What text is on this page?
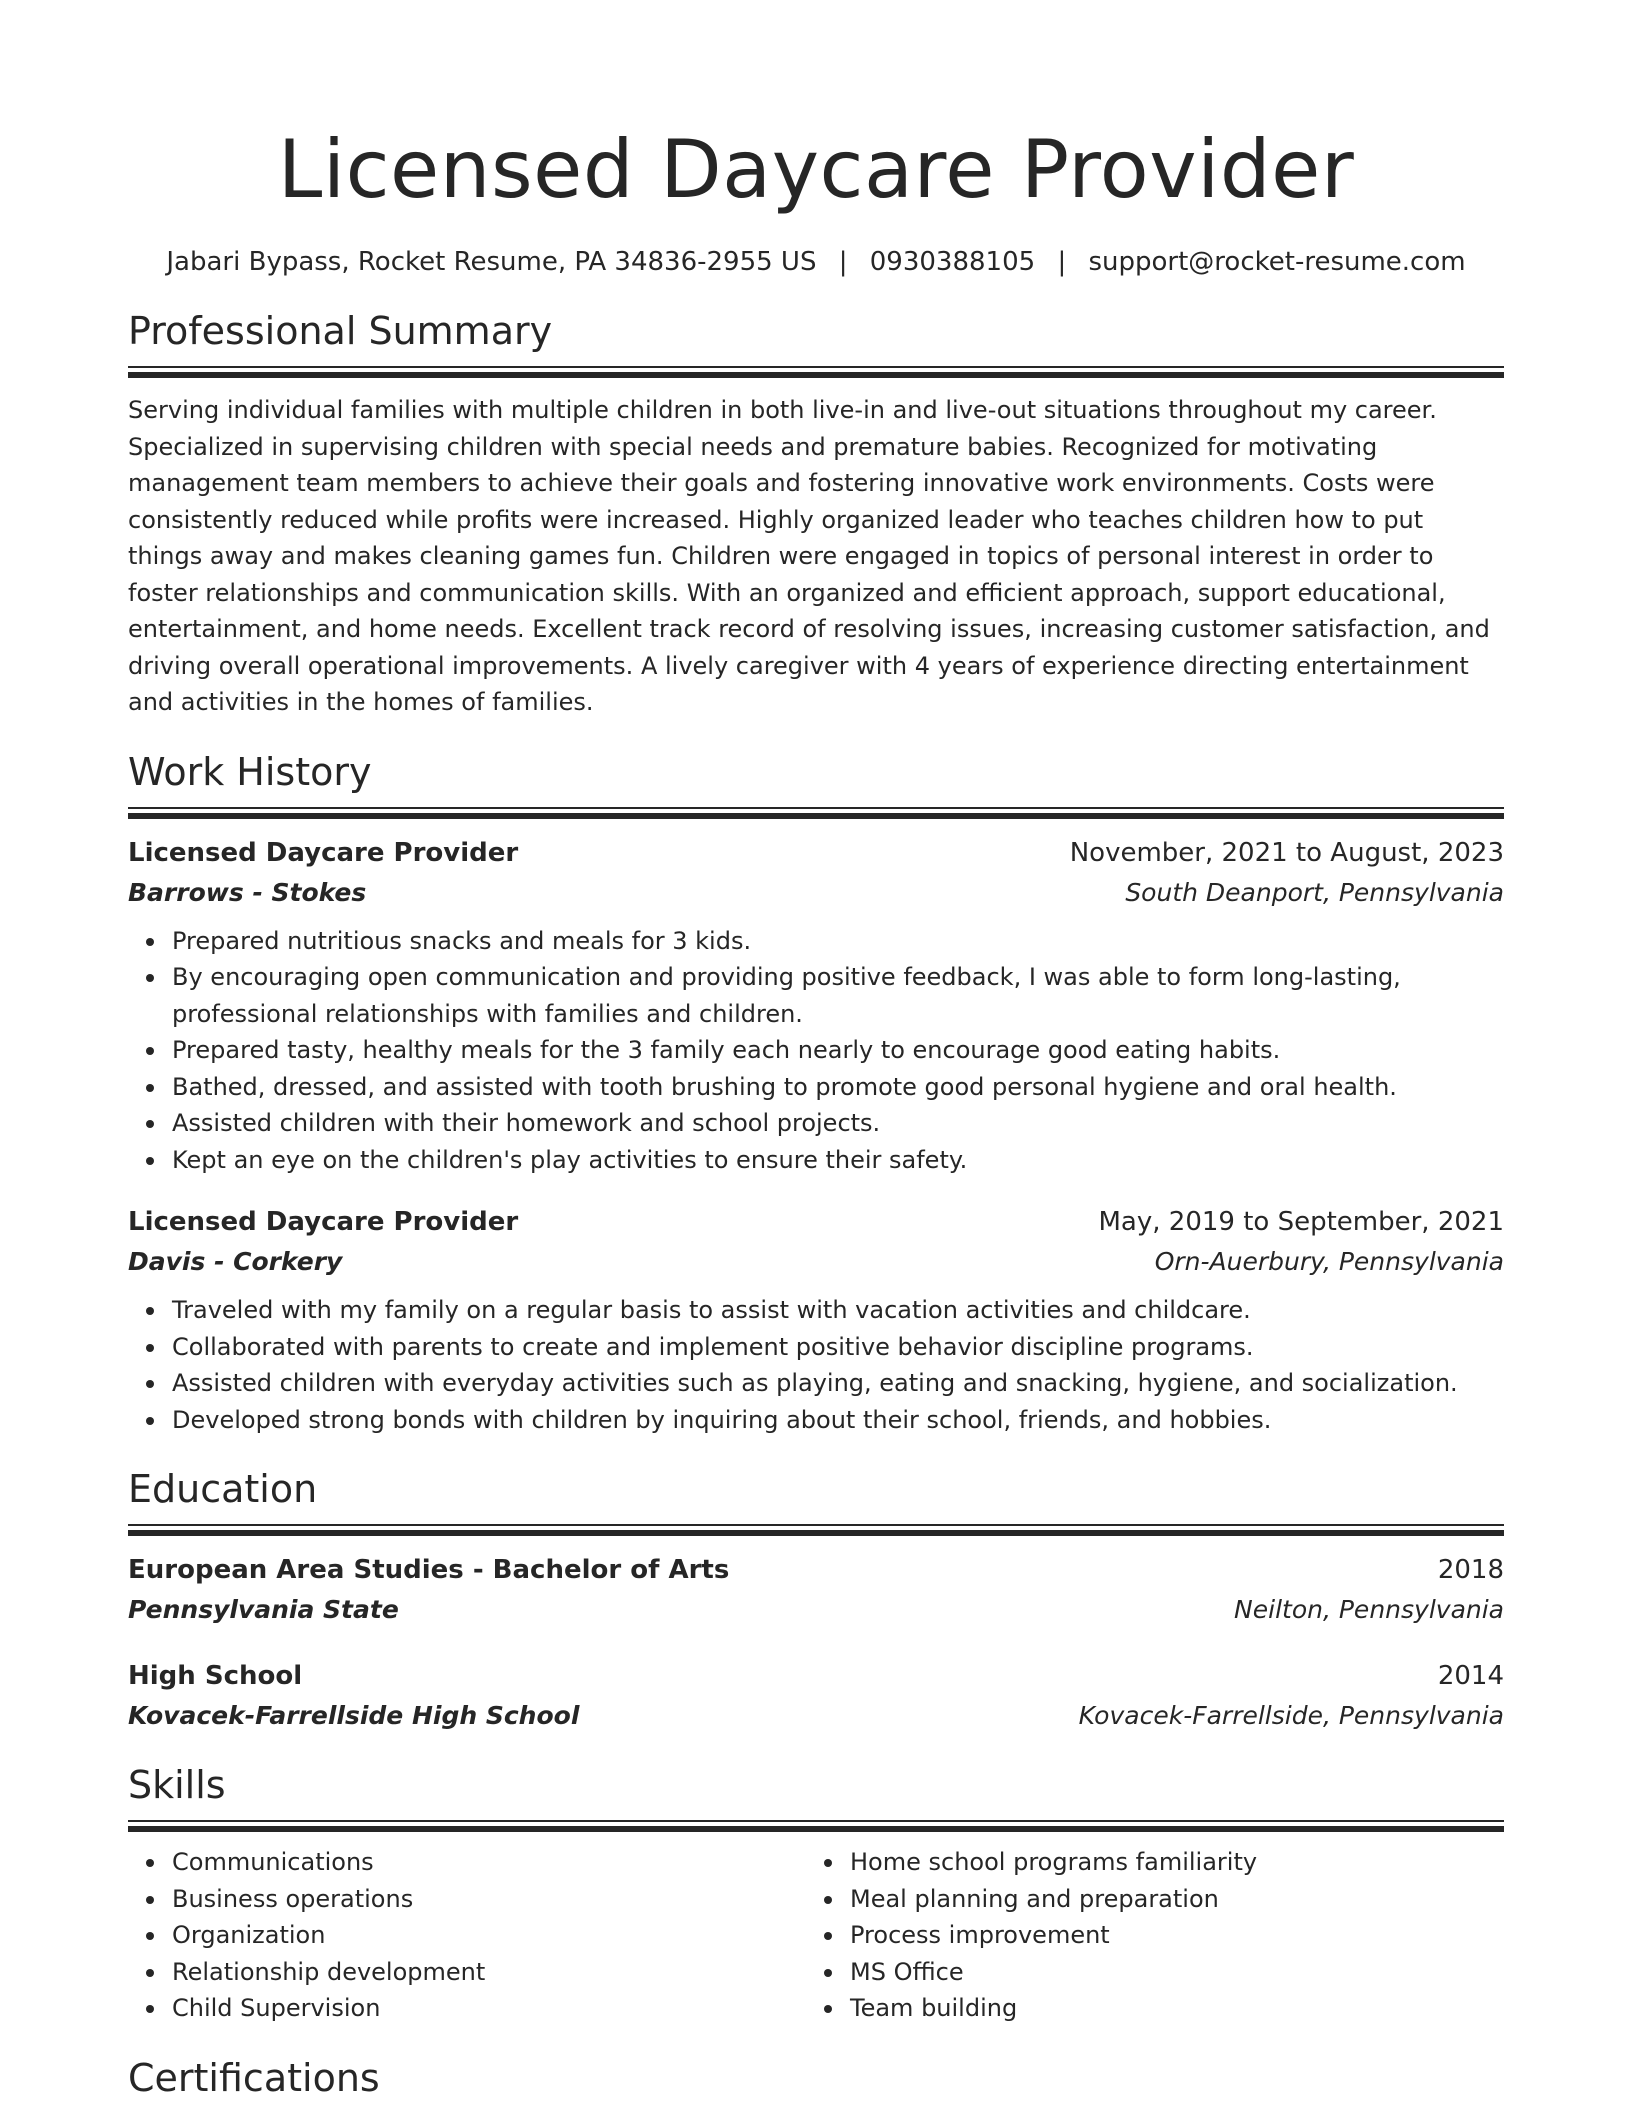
Licensed Daycare Provider
Jabari Bypass, Rocket Resume, PA 34836-2955 US | 0930388105 | support@rocket-resume.com
Professional Summary
Serving individual families with multiple children in both live-in and live-out situations throughout my career. Specialized in supervising children with special needs and premature babies. Recognized for motivating management team members to achieve their goals and fostering innovative work environments. Costs were consistently reduced while profits were increased. Highly organized leader who teaches children how to put things away and makes cleaning games fun. Children were engaged in topics of personal interest in order to foster relationships and communication skills. With an organized and efficient approach, support educational, entertainment, and home needs. Excellent track record of resolving issues, increasing customer satisfaction, and driving overall operational improvements. A lively caregiver with 4 years of experience directing entertainment and activities in the homes of families.
Work History
Licensed Daycare Provider	November, 2021 to August, 2023
Barrows - Stokes	South Deanport, Pennsylvania
Prepared nutritious snacks and meals for 3 kids.
By encouraging open communication and providing positive feedback, I was able to form long-lasting, professional relationships with families and children.
Prepared tasty, healthy meals for the 3 family each nearly to encourage good eating habits.
Bathed, dressed, and assisted with tooth brushing to promote good personal hygiene and oral health.
Assisted children with their homework and school projects.
Kept an eye on the children's play activities to ensure their safety.
Licensed Daycare Provider	May, 2019 to September, 2021
Davis - Corkery	Orn-Auerbury, Pennsylvania
Traveled with my family on a regular basis to assist with vacation activities and childcare.
Collaborated with parents to create and implement positive behavior discipline programs.
Assisted children with everyday activities such as playing, eating and snacking, hygiene, and socialization.
Developed strong bonds with children by inquiring about their school, friends, and hobbies.
Education
European Area Studies - Bachelor of Arts	2018
Pennsylvania State	Neilton, Pennsylvania
High School	2014
Kovacek-Farrellside High School	Kovacek-Farrellside, Pennsylvania
Skills
Communications
Business operations
Organization
Relationship development
Child Supervision
Home school programs familiarity
Meal planning and preparation
Process improvement
MS Office
Team building
Certifications
